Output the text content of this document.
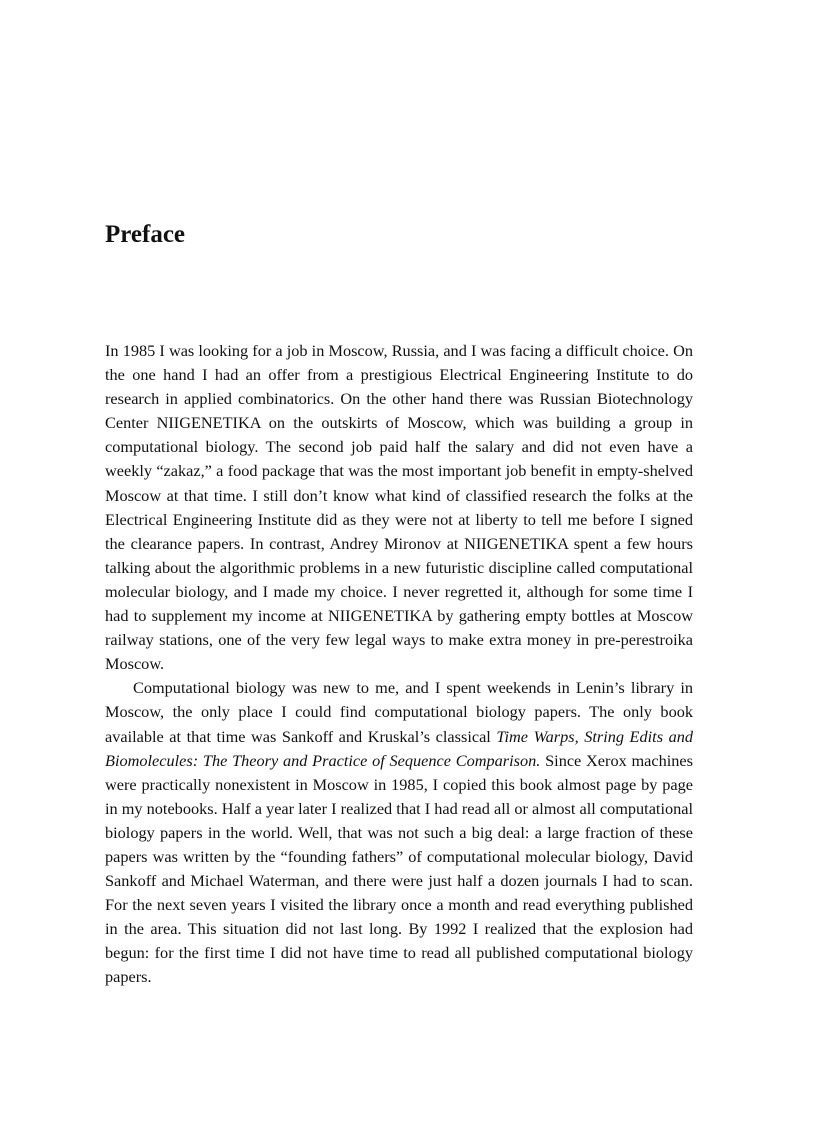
Preface

In 1985 I was looking for a job in Moscow, Russia, and I was facing a difficult choice. On the one hand I had an offer from a prestigious Electrical Engineering Institute to do research in applied combinatorics. On the other hand there was Russian Biotechnology Center NIIGENETIKA on the outskirts of Moscow, which was building a group in computational biology. The second job paid half the salary and did not even have a weekly “zakaz,” a food package that was the most important job benefit in empty-shelved Moscow at that time. I still don’t know what kind of classified research the folks at the Electrical Engineering Institute did as they were not at liberty to tell me before I signed the clearance papers. In contrast, Andrey Mironov at NIIGENETIKA spent a few hours talking about the algorithmic problems in a new futuristic discipline called computational molecular biology, and I made my choice. I never regretted it, although for some time I had to supplement my income at NIIGENETIKA by gathering empty bottles at Moscow railway stations, one of the very few legal ways to make extra money in pre-perestroika Moscow.

Computational biology was new to me, and I spent weekends in Lenin’s library in Moscow, the only place I could find computational biology papers. The only book available at that time was Sankoff and Kruskal’s classical Time Warps, String Edits and Biomolecules: The Theory and Practice of Sequence Comparison. Since Xerox machines were practically nonexistent in Moscow in 1985, I copied this book almost page by page in my notebooks. Half a year later I realized that I had read all or almost all computational biology papers in the world. Well, that was not such a big deal: a large fraction of these papers was written by the “founding fathers” of computational molecular biology, David Sankoff and Michael Waterman, and there were just half a dozen journals I had to scan. For the next seven years I visited the library once a month and read everything published in the area. This situation did not last long. By 1992 I realized that the explosion had begun: for the first time I did not have time to read all published computational biology papers.
